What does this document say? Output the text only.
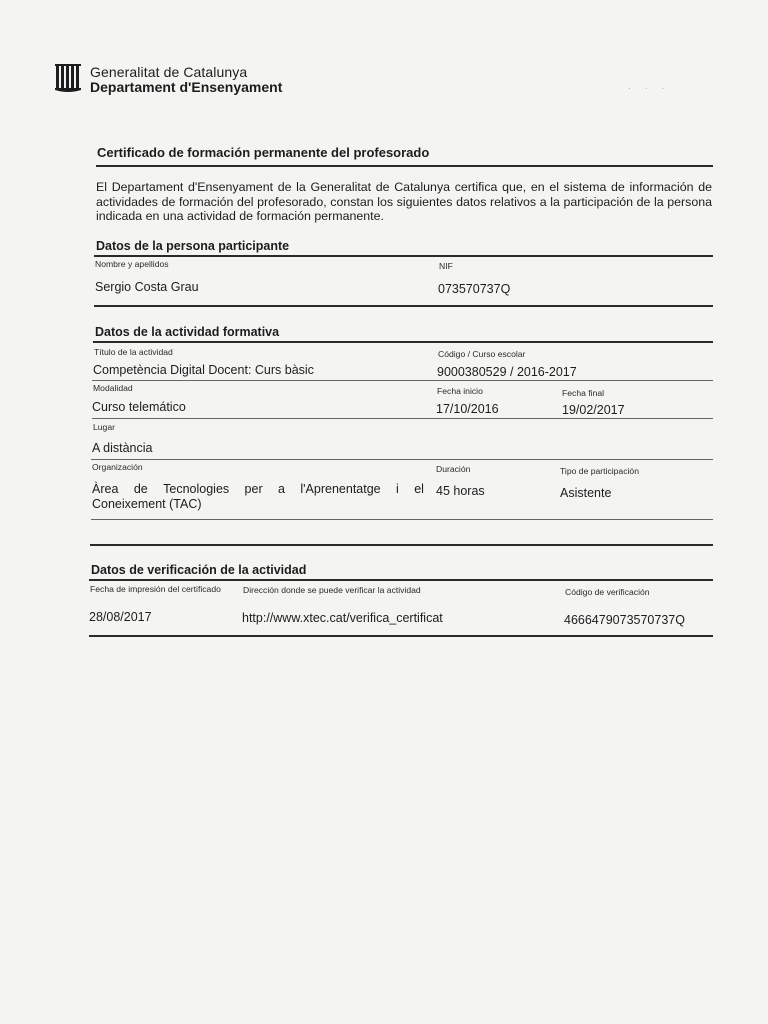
Generalitat de Catalunya
Departament d'Ensenyament	· · ·
Certificado de formación permanente del profesorado
El Departament d'Ensenyament de la Generalitat de Catalunya certifica que, en el sistema de información de actividades de formación del profesorado, constan los siguientes datos relativos a la participación de la persona indicada en una actividad de formación permanente.
Datos de la persona participante
Nombre y apellidos	NIF
Sergio Costa Grau	073570737Q
Datos de la actividad formativa
Título de la actividad	Código / Curso escolar
Competència Digital Docent: Curs bàsic	9000380529 / 2016-2017
Modalidad	Fecha inicio	Fecha final
Curso telemático	17/10/2016	19/02/2017
Lugar
A distància
Organización	Duración	Tipo de participación
Àrea de Tecnologies per a l'Aprenentatge i el
Coneixement (TAC)
45 horas	Asistente
Datos de verificación de la actividad
Fecha de impresión del certificado	Dirección donde se puede verificar la actividad	Código de verificación
28/08/2017	http://www.xtec.cat/verifica_certificat	4666479073570737Q
